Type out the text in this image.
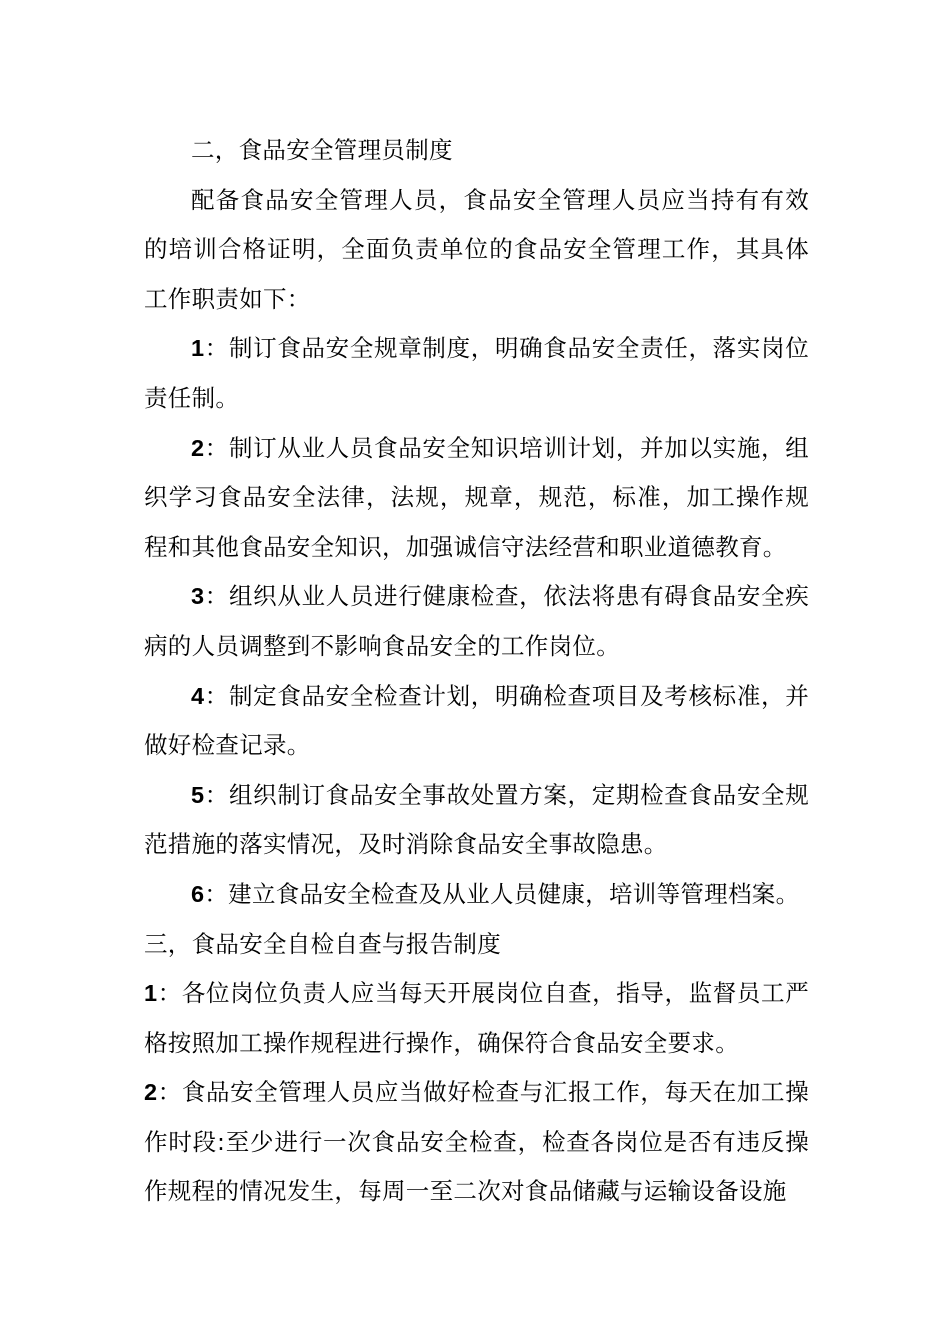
二，食品安全管理员制度

配备食品安全管理人员，食品安全管理人员应当持有有效的培训合格证明，全面负责单位的食品安全管理工作，其具体工作职责如下：

1：制订食品安全规章制度，明确食品安全责任，落实岗位责任制。

2：制订从业人员食品安全知识培训计划，并加以实施，组织学习食品安全法律，法规，规章，规范，标准，加工操作规程和其他食品安全知识，加强诚信守法经营和职业道德教育。

3：组织从业人员进行健康检查，依法将患有碍食品安全疾病的人员调整到不影响食品安全的工作岗位。

4：制定食品安全检查计划，明确检查项目及考核标准，并做好检查记录。

5：组织制订食品安全事故处置方案，定期检查食品安全规范措施的落实情况，及时消除食品安全事故隐患。

6：建立食品安全检查及从业人员健康，培训等管理档案。

三，食品安全自检自查与报告制度

1：各位岗位负责人应当每天开展岗位自查，指导，监督员工严格按照加工操作规程进行操作，确保符合食品安全要求。

2：食品安全管理人员应当做好检查与汇报工作，每天在加工操作时段:至少进行一次食品安全检查，检查各岗位是否有违反操作规程的情况发生，每周一至二次对食品储藏与运输设备设施
